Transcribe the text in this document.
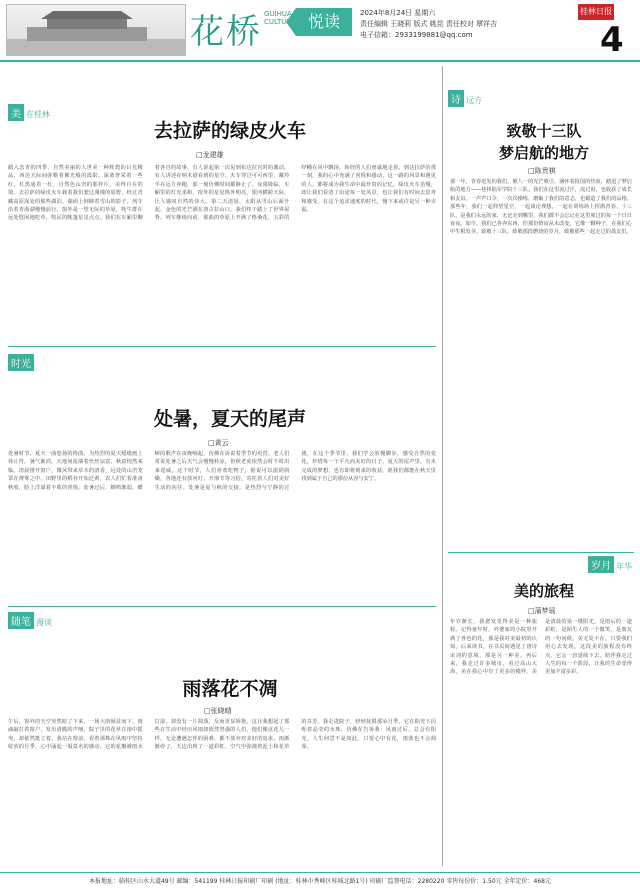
花桥 GUIHUA CULTURE 悦读	2024年8月24日 星期六
责任编辑 王晓莉 版式 姚昆 责任校对 覃祥吉
电子信箱：2933199881@qq.com
桂林日报
4
美 在桂林
去拉萨的绿皮火车
□龙建雄
踏入念青的四季，自然美丽的人世美一种辉煌的目光精品，西达天际间弥勒着佛光般的霞影。深蓝誉采着一些红，红黑通着一红，自然色山峦的那样片，美得自在的境。去拉萨的绿皮火车载着我们驶过漫漫的原野，经过青藏高原深处的那些湖泊，湖面上倒映着雪山的影子。列车沿着青海湖慢慢前行，窗外是一望无际的草原，牦牛群在远处悠闲地吃草，牧民的帐篷星星点点。我们在车厢里聊着各自的故事，有人说起第一次见到布达拉宫时的激动，有人讲述在纳木错看到的星空。火车穿过可可西里，藏羚羊在远方奔跑，那一刻仿佛时间都静止了。夜幕降临，车厢里的灯光柔和，窗外的星星格外明亮，银河横跨天际，让人感叹自然的伟大。第二天清晨，太阳从雪山后面升起，金色的光芒洒在唐古拉山口，我们终于踏上了世界屋脊。列车继续向前，那曲的草原上开满了格桑花，五彩的经幡在风中飘扬，转经的人们虔诚地走着。到达拉萨的那一刻，我的心中充满了喜悦和感动，这一路的风景和遇见的人，都将成为我生命中最珍贵的记忆。绿皮火车虽慢，却让我们看清了沿途每一处风景，也让我们有时间去思考和感受。在这个追求速度的时代，慢下来或许是另一种幸福。
时光
处暑，夏天的尾声
□黄云
处暑时节，夏天一曲悠扬的终曲，为热烈的夏天缓缓画上休止符。暑气渐消，天地间流淌着丝丝凉意，秋意悄然来临。清晨推开窗户，微风带来草木的清香，远处的山峦笼罩在薄雾之中。田野里的稻谷开始泛黄，农人们忙着准备秋收，脸上洋溢着丰收的喜悦。处暑过后，蝉鸣渐弱，蟋蟀的歌声在夜晚响起，仿佛在诉说着季节的更替。老人们常说处暑之后天气会慢慢转凉，但秋老虎依然会时不时出来逞威。这个时节，人们喜欢吃鸭子，据说可以滋阴润燥，各地还有放河灯、开渔节等习俗，寄托着人们对美好生活的向往。处暑是夏与秋的交接，是热烈与宁静的过渡，在这个季节里，我们学会放慢脚步，感受自然的变化，珍惜每一个平凡而美好的日子。夏天的尾声里，有未完成的梦想，也有即将到来的收获，愿我们都能在秋天里找到属于自己的那份从容与安宁。
随笔 漫谈
雨落花不凋
□张晓晴
午后，窗外的天空突然暗了下来，一场大雨倾盆而下。雨滴敲打着窗户，发出清脆的声响，院子里的花草在雨中摇曳，却依然挺立着。我站在窗前，看着那株在风雨中坚持绽放的月季，心中涌起一股莫名的感动。它的花瓣被雨水打湿，却没有一片凋落，反而更显娇艳。这让我想起了那些在生活中经历风雨却依然坚强的人们，他们像这花儿一样，无论遭遇怎样的困难，都不放弃对美好的追求。雨渐渐停了，天边出现了一道彩虹，空气中弥漫着泥土和花草的芬芳。我走进院子，轻轻抚摸那朵月季，它在阳光下闪烁着晶莹的水珠，仿佛在告诉我：风雨过后，总会有阳光。人生何尝不是如此，只要心中有花，雨落也不会凋零。
诗 远方
致敬十三队
梦启航的地方
□陈贵棋
那一年，青春迸发的我们，被八一的光芒吸引，满怀着报国的热血，踏进了梦启航的地方——桂林陆军学院十三队。我们在这里流过汗，流过泪，也收获了成长和友谊。一声声口令，一次次操练，磨砺了我们的意志，也锻造了我们的品格。那些年，我们一起仰望星空，一起谈论理想，一起在训练场上挥洒青春。十三队，是我们永远的家，无论走到哪里，我们都不会忘记在这里度过的每一个日日夜夜。如今，我们已各奔东西，但那份情谊从未改变，它像一颗种子，在我们心中生根发芽。致敬十三队，致敬那段燃烧的岁月，致敬那些一起走过的战友们。
岁月 年华
美的旅程
□蒲梦瑶
年岁渐长，我愈发觉得美是一种旅程。记得童年时，外婆家的小院里开满了各色的花，那是我对美最初的认知。后来读书，在书页间遇见了唐诗宋词的意境，那是另一种美。再后来，我走过许多城市，看过高山大海，美在我心中有了更多的模样。美是清晨的第一缕阳光，是雨后的一道彩虹，是陌生人的一个微笑，是朋友的一句问候。美无处不在，只要我们用心去发现。这段美的旅程没有终点，它会一直延续下去，陪伴我走过人生的每一个阶段，让我的生命变得更加丰富多彩。
本报地址：临桂区山水大道49号 邮编：541199 桂林日报印刷厂印刷 (地址：桂林市秀峰区桂城北路1号) 印刷厂监督电话：2280220 零售每份价：1.50元 全年定价：468元
